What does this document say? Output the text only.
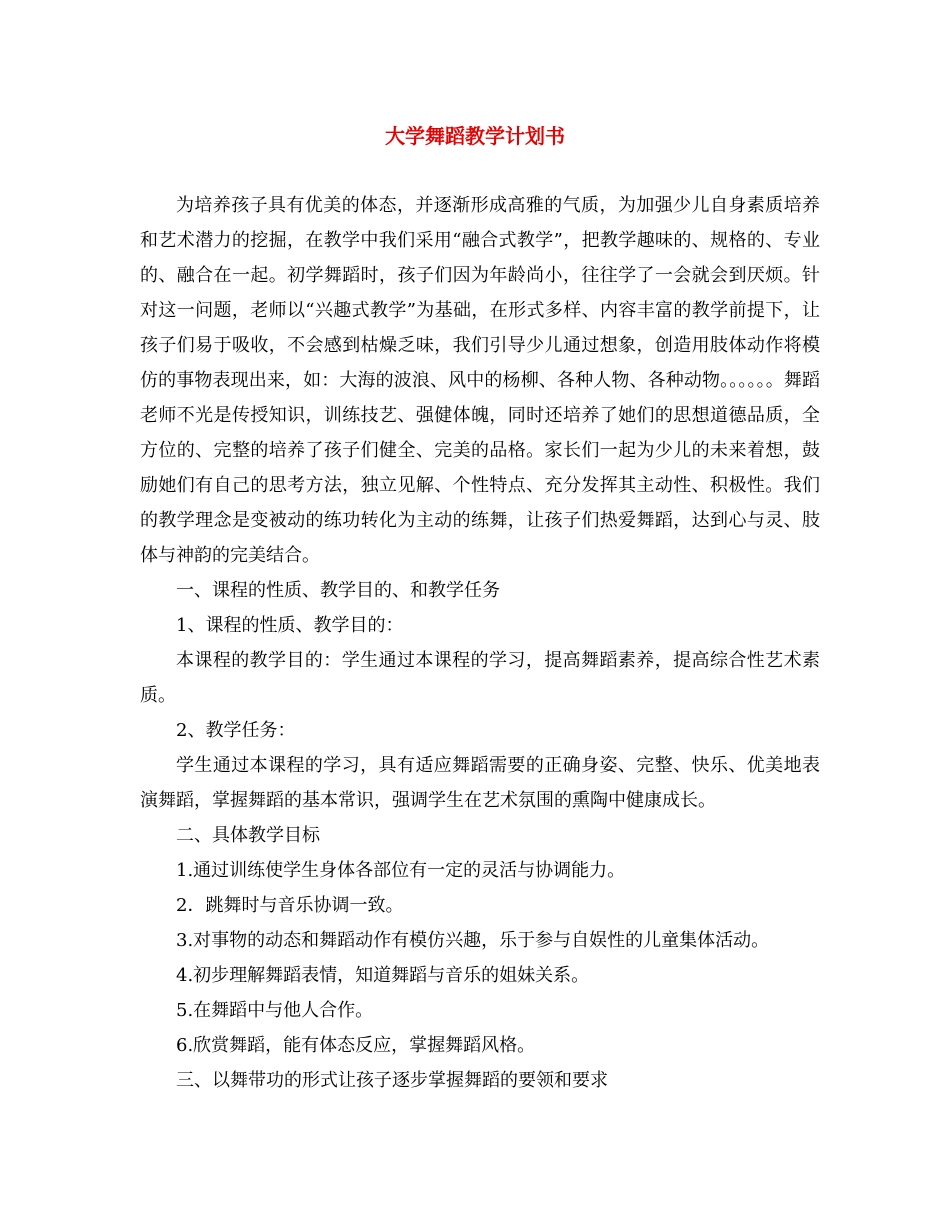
大学舞蹈教学计划书

为培养孩子具有优美的体态，并逐渐形成高雅的气质，为加强少儿自身素质培养和艺术潜力的挖掘，在教学中我们采用“融合式教学”，把教学趣味的、规格的、专业的、融合在一起。初学舞蹈时，孩子们因为年龄尚小，往往学了一会就会到厌烦。针对这一问题，老师以“兴趣式教学”为基础，在形式多样、内容丰富的教学前提下，让孩子们易于吸收，不会感到枯燥乏味，我们引导少儿通过想象，创造用肢体动作将模仿的事物表现出来，如：大海的波浪、风中的杨柳、各种人物、各种动物。。。。。。舞蹈老师不光是传授知识，训练技艺、强健体魄，同时还培养了她们的思想道德品质，全方位的、完整的培养了孩子们健全、完美的品格。家长们一起为少儿的未来着想，鼓励她们有自己的思考方法，独立见解、个性特点、充分发挥其主动性、积极性。我们的教学理念是变被动的练功转化为主动的练舞，让孩子们热爱舞蹈，达到心与灵、肢体与神韵的完美结合。

一、课程的性质、教学目的、和教学任务

1、课程的性质、教学目的：

本课程的教学目的：学生通过本课程的学习，提高舞蹈素养，提高综合性艺术素质。

2、教学任务：

学生通过本课程的学习，具有适应舞蹈需要的正确身姿、完整、快乐、优美地表演舞蹈，掌握舞蹈的基本常识，强调学生在艺术氛围的熏陶中健康成长。

二、具体教学目标

1.通过训练使学生身体各部位有一定的灵活与协调能力。

2．跳舞时与音乐协调一致。

3.对事物的动态和舞蹈动作有模仿兴趣，乐于参与自娱性的儿童集体活动。

4.初步理解舞蹈表情，知道舞蹈与音乐的姐妹关系。

5.在舞蹈中与他人合作。

6.欣赏舞蹈，能有体态反应，掌握舞蹈风格。

三、以舞带功的形式让孩子逐步掌握舞蹈的要领和要求
